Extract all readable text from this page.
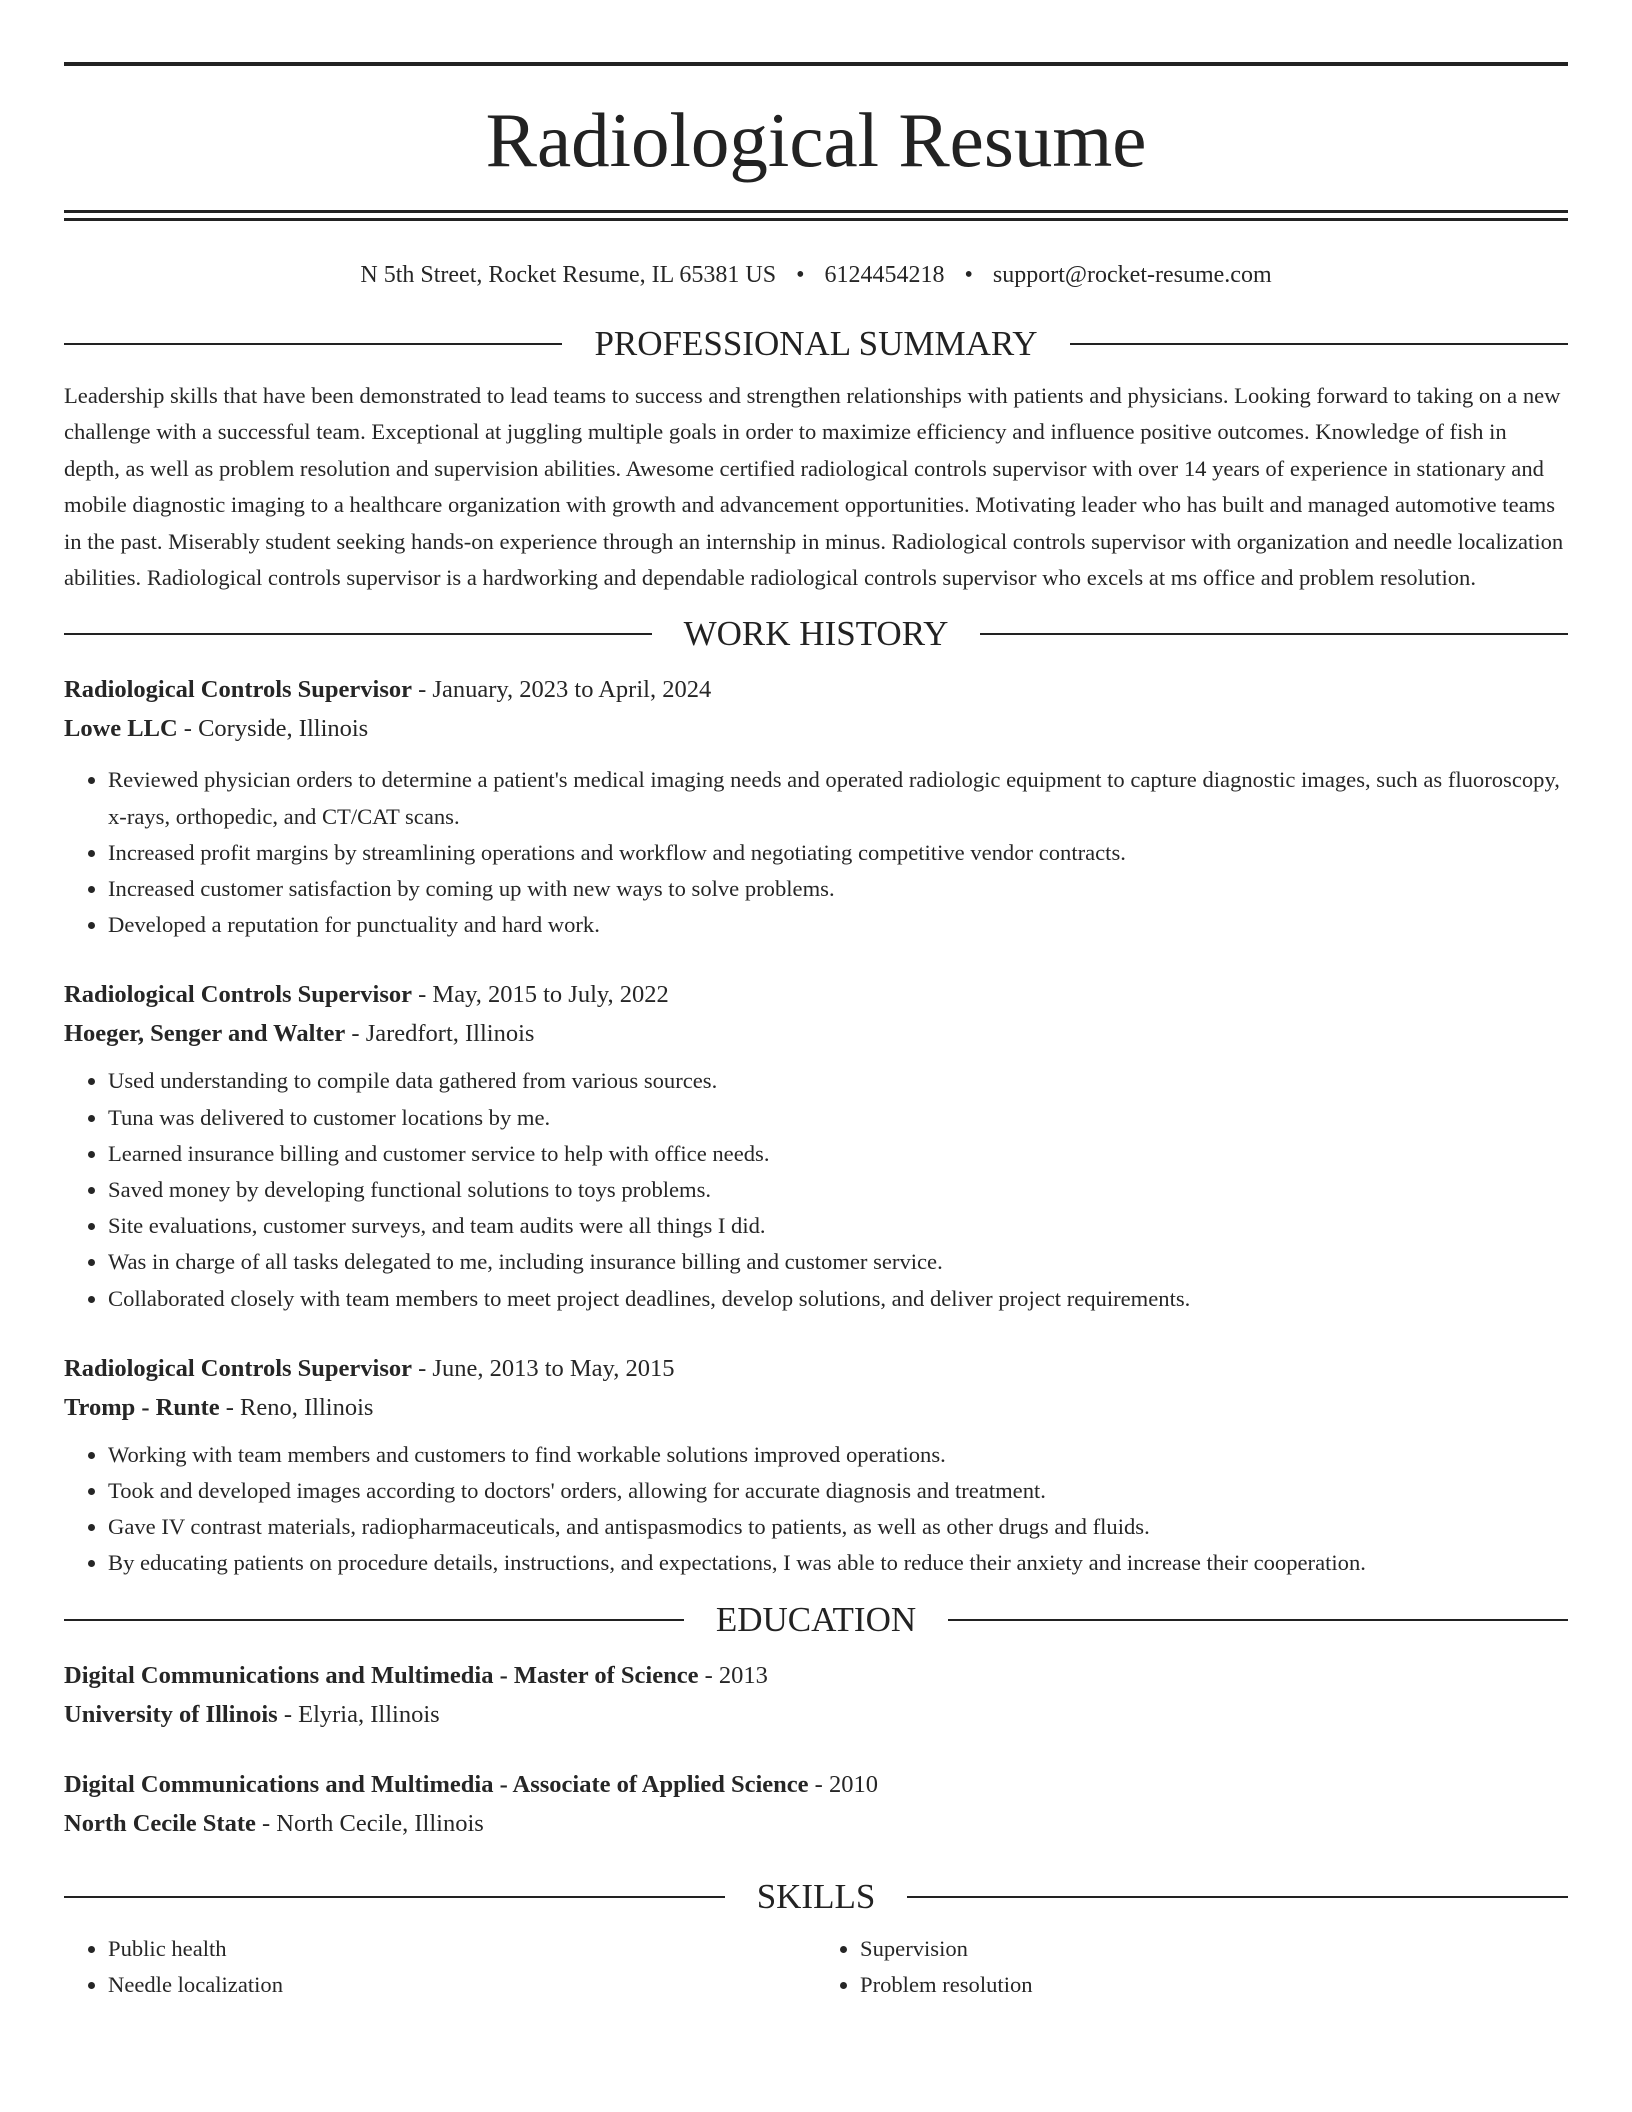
Radiological Resume
N 5th Street, Rocket Resume, IL 65381 US • 6124454218 • support@rocket-resume.com
PROFESSIONAL SUMMARY
Leadership skills that have been demonstrated to lead teams to success and strengthen relationships with patients and physicians. Looking forward to taking on a new challenge with a successful team. Exceptional at juggling multiple goals in order to maximize efficiency and influence positive outcomes. Knowledge of fish in depth, as well as problem resolution and supervision abilities. Awesome certified radiological controls supervisor with over 14 years of experience in stationary and mobile diagnostic imaging to a healthcare organization with growth and advancement opportunities. Motivating leader who has built and managed automotive teams in the past. Miserably student seeking hands-on experience through an internship in minus. Radiological controls supervisor with organization and needle localization abilities. Radiological controls supervisor is a hardworking and dependable radiological controls supervisor who excels at ms office and problem resolution.
WORK HISTORY
Radiological Controls Supervisor - January, 2023 to April, 2024
Lowe LLC - Coryside, Illinois
• Reviewed physician orders to determine a patient's medical imaging needs and operated radiologic equipment to capture diagnostic images, such as fluoroscopy, x-rays, orthopedic, and CT/CAT scans.
• Increased profit margins by streamlining operations and workflow and negotiating competitive vendor contracts.
• Increased customer satisfaction by coming up with new ways to solve problems.
• Developed a reputation for punctuality and hard work.
Radiological Controls Supervisor - May, 2015 to July, 2022
Hoeger, Senger and Walter - Jaredfort, Illinois
• Used understanding to compile data gathered from various sources.
• Tuna was delivered to customer locations by me.
• Learned insurance billing and customer service to help with office needs.
• Saved money by developing functional solutions to toys problems.
• Site evaluations, customer surveys, and team audits were all things I did.
• Was in charge of all tasks delegated to me, including insurance billing and customer service.
• Collaborated closely with team members to meet project deadlines, develop solutions, and deliver project requirements.
Radiological Controls Supervisor - June, 2013 to May, 2015
Tromp - Runte - Reno, Illinois
• Working with team members and customers to find workable solutions improved operations.
• Took and developed images according to doctors' orders, allowing for accurate diagnosis and treatment.
• Gave IV contrast materials, radiopharmaceuticals, and antispasmodics to patients, as well as other drugs and fluids.
• By educating patients on procedure details, instructions, and expectations, I was able to reduce their anxiety and increase their cooperation.
EDUCATION
Digital Communications and Multimedia - Master of Science - 2013
University of Illinois - Elyria, Illinois
Digital Communications and Multimedia - Associate of Applied Science - 2010
North Cecile State - North Cecile, Illinois
SKILLS
• Public health
• Needle localization
• Supervision
• Problem resolution
